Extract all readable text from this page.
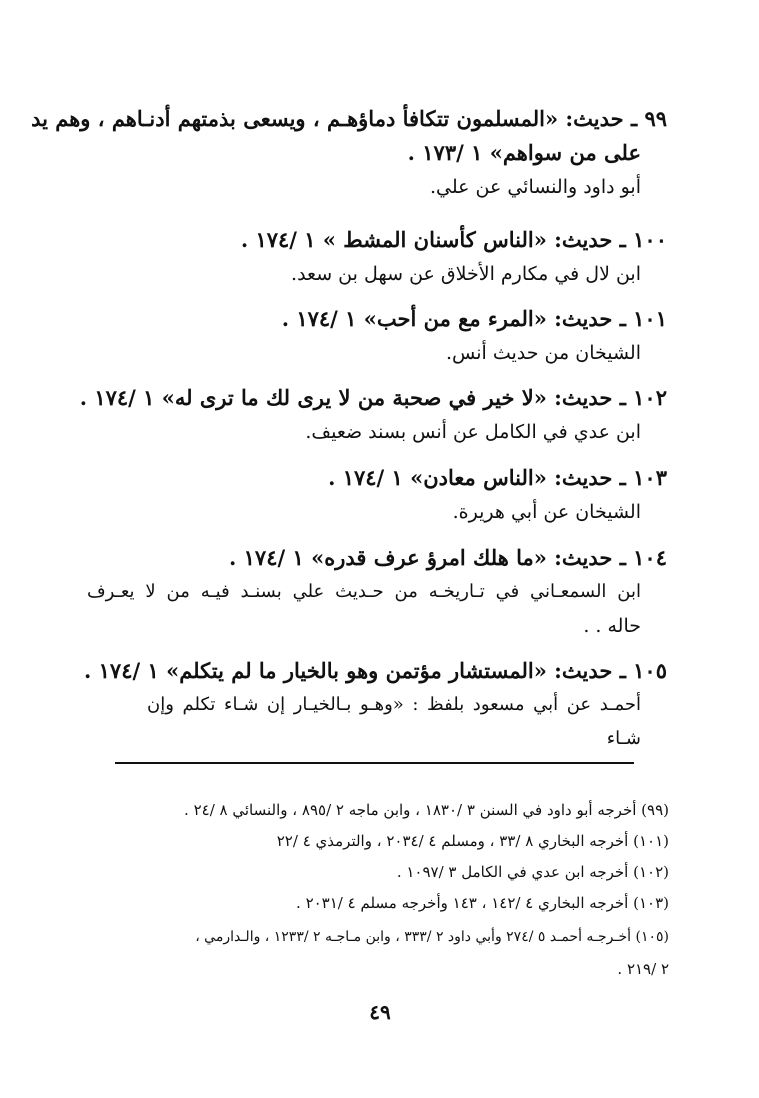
٩٩ ـ حديث: «المسلمون تتكافأ دماؤهـم ، ويسعى بذمتهم أدنـاهم ، وهم يد
على من سواهم» ١ /١٧٣ .
أبو داود والنسائي عن علي.
١٠٠ ـ حديث: «الناس كأسنان المشط » ١ /١٧٤ .
ابن لال في مكارم الأخلاق عن سهل بن سعد.
١٠١ ـ حديث: «المرء مع من أحب» ١ /١٧٤ .
الشيخان من حديث أنس.
١٠٢ ـ حديث: «لا خير في صحبة من لا يرى لك ما ترى له» ١ /١٧٤ .
ابن عدي في الكامل عن أنس بسند ضعيف.
١٠٣ ـ حديث: «الناس معادن» ١ /١٧٤ .
الشيخان عن أبي هريرة.
١٠٤ ـ حديث: «ما هلك امرؤ عرف قدره» ١ /١٧٤ .
ابن السمعـاني في تـاريخـه من حـديث علي بسنـد فيـه من لا يعـرف
حاله . .
١٠٥ ـ حديث: «المستشار مؤتمن وهو بالخيار ما لم يتكلم» ١ /١٧٤ .
أحمـد عن أبي مسعود بلفظ : «وهـو بـالخيـار إن شـاء تكلم وإن شـاء
(٩٩) أخرجه أبو داود في السنن ٣ /١٨٣٠ ، وابن ماجه ٢ /٨٩٥ ، والنسائي ٨ /٢٤ .
(١٠١) أخرجه البخاري ٨ /٣٣ ، ومسلم ٤ /٢٠٣٤ ، والترمذي ٤ /٢٢
(١٠٢) أخرجه ابن عدي في الكامل ٣ /١٠٩٧ .
(١٠٣) أخرجه البخاري ٤ /١٤٢ ، ١٤٣ وأخرجه مسلم ٤ /٢٠٣١ .
(١٠٥) أخـرجـه أحمـد ٥ /٢٧٤ وأبي داود ٢ /٣٣٣ ، وابن مـاجـه ٢ /١٢٣٣ ، والـدارمي ،
٢ /٢١٩ .
٤٩
